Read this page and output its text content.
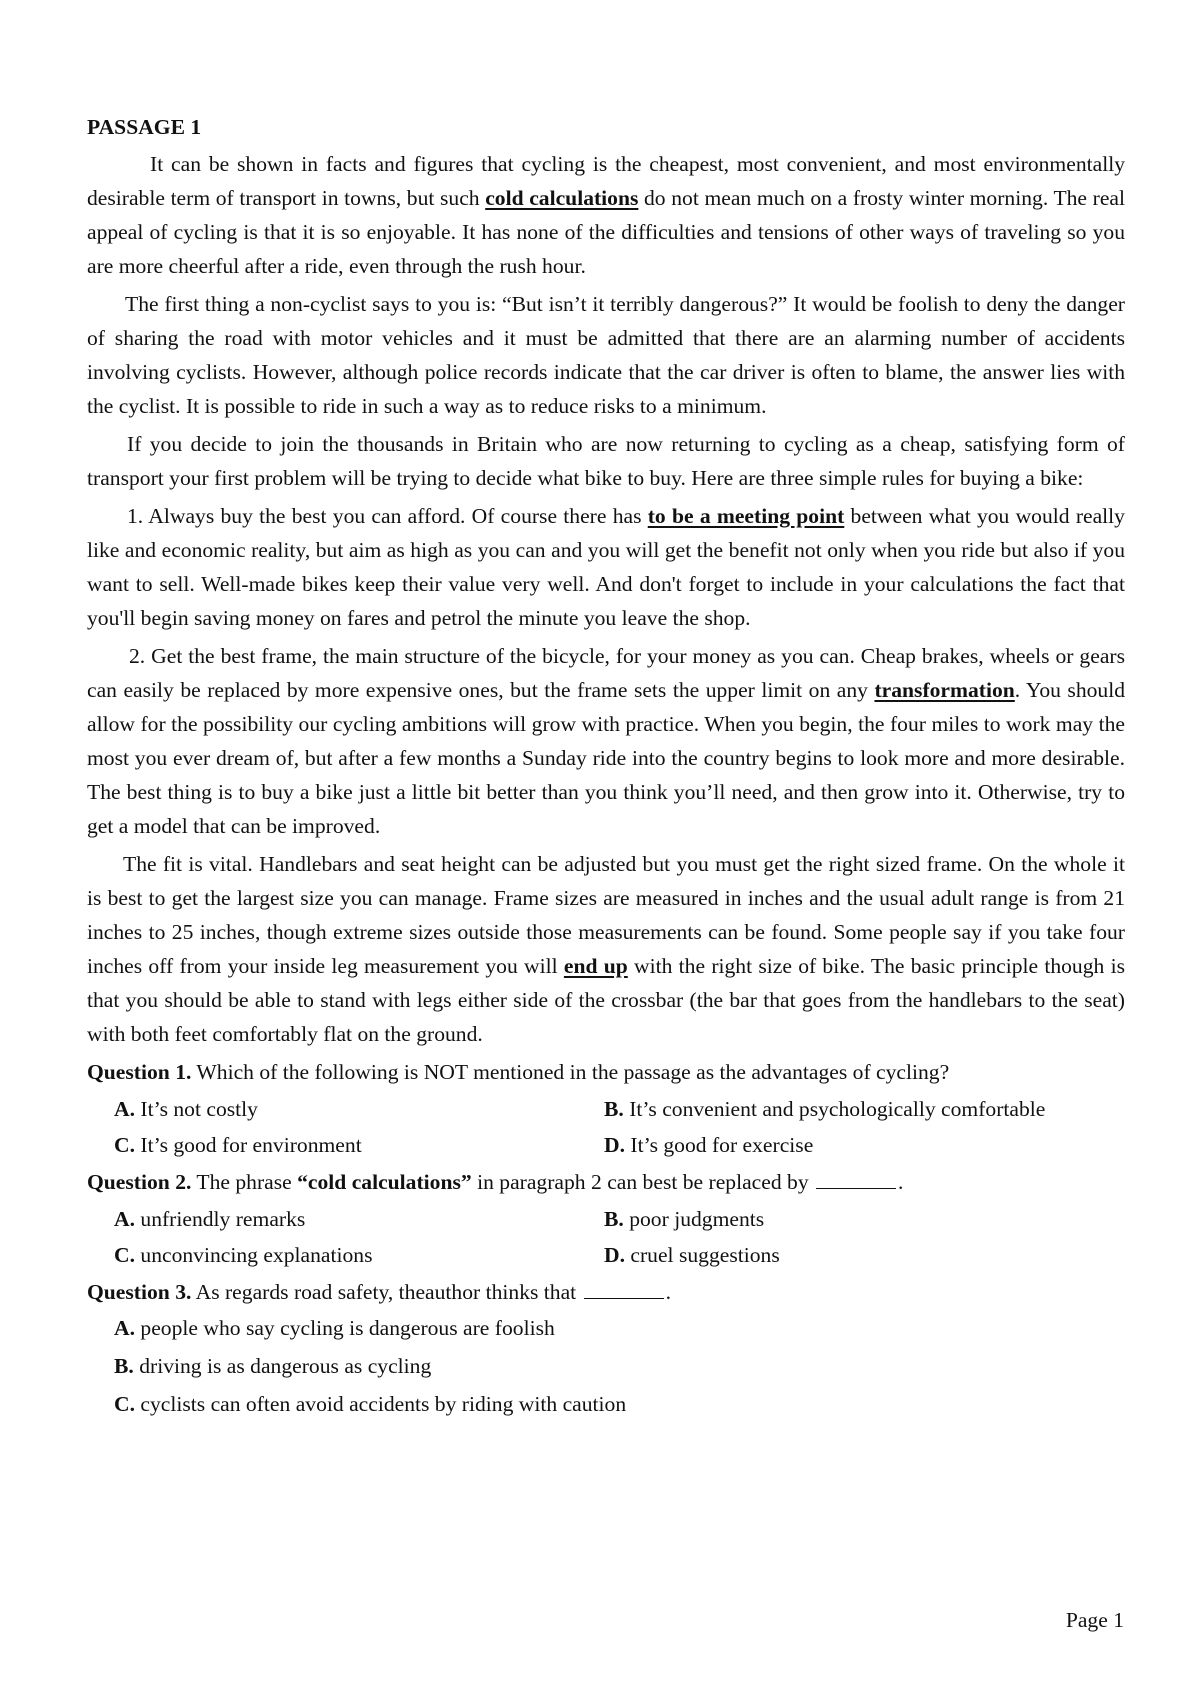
PASSAGE 1

It can be shown in facts and figures that cycling is the cheapest, most convenient, and most environmentally desirable term of transport in towns, but such cold calculations do not mean much on a frosty winter morning. The real appeal of cycling is that it is so enjoyable. It has none of the difficulties and tensions of other ways of traveling so you are more cheerful after a ride, even through the rush hour.

The first thing a non-cyclist says to you is: “But isn’t it terribly dangerous?” It would be foolish to deny the danger of sharing the road with motor vehicles and it must be admitted that there are an alarming number of accidents involving cyclists. However, although police records indicate that the car driver is often to blame, the answer lies with the cyclist. It is possible to ride in such a way as to reduce risks to a minimum.

If you decide to join the thousands in Britain who are now returning to cycling as a cheap, satisfying form of transport your first problem will be trying to decide what bike to buy. Here are three simple rules for buying a bike:

1. Always buy the best you can afford. Of course there has to be a meeting point between what you would really like and economic reality, but aim as high as you can and you will get the benefit not only when you ride but also if you want to sell. Well-made bikes keep their value very well. And don't forget to include in your calculations the fact that you'll begin saving money on fares and petrol the minute you leave the shop.

2. Get the best frame, the main structure of the bicycle, for your money as you can. Cheap brakes, wheels or gears can easily be replaced by more expensive ones, but the frame sets the upper limit on any transformation. You should allow for the possibility our cycling ambitions will grow with practice. When you begin, the four miles to work may the most you ever dream of, but after a few months a Sunday ride into the country begins to look more and more desirable. The best thing is to buy a bike just a little bit better than you think you’ll need, and then grow into it. Otherwise, try to get a model that can be improved.

The fit is vital. Handlebars and seat height can be adjusted but you must get the right sized frame. On the whole it is best to get the largest size you can manage. Frame sizes are measured in inches and the usual adult range is from 21 inches to 25 inches, though extreme sizes outside those measurements can be found. Some people say if you take four inches off from your inside leg measurement you will end up with the right size of bike. The basic principle though is that you should be able to stand with legs either side of the crossbar (the bar that goes from the handlebars to the seat) with both feet comfortably flat on the ground.

Question 1. Which of the following is NOT mentioned in the passage as the advantages of cycling?

A. It’s not costly	B. It’s convenient and psychologically comfortable
C. It’s good for environment	D. It’s good for exercise

Question 2. The phrase “cold calculations” in paragraph 2 can best be replaced by	.

A. unfriendly remarks	B. poor judgments
C. unconvincing explanations	D. cruel suggestions

Question 3. As regards road safety, theauthor thinks that	.

A. people who say cycling is dangerous are foolish
B. driving is as dangerous as cycling
C. cyclists can often avoid accidents by riding with caution
Page 1
